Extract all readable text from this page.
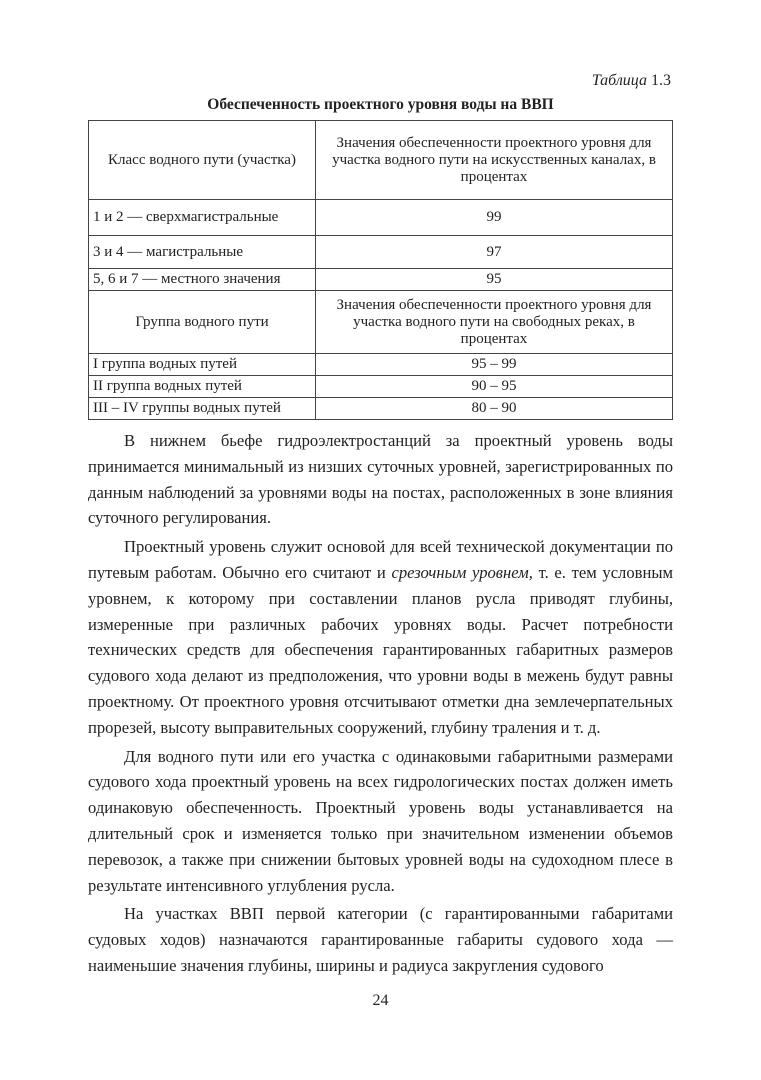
Таблица 1.3
Обеспеченность проектного уровня воды на ВВП
Класс водного пути (участка)	Значения обеспеченности проектного уровня для участка водного пути на искусственных каналах, в процентах
1 и 2 — сверхмагистральные	99
3 и 4 — магистральные	97
5, 6 и 7 — местного значения	95
Группа водного пути	Значения обеспеченности проектного уровня для участка водного пути на свободных реках, в процентах
I группа водных путей	95 – 99
II группа водных путей	90 – 95
III – IV группы водных путей	80 – 90

В нижнем бьефе гидроэлектростанций за проектный уровень воды принимается минимальный из низших суточных уровней, зарегистрированных по данным наблюдений за уровнями воды на постах, расположенных в зоне влияния суточного регулирования.

Проектный уровень служит основой для всей технической документации по путевым работам. Обычно его считают и срезочным уровнем, т. е. тем условным уровнем, к которому при составлении планов русла приводят глубины, измеренные при различных рабочих уровнях воды. Расчет потребности технических средств для обеспечения гарантированных габаритных размеров судового хода делают из предположения, что уровни воды в межень будут равны проектному. От проектного уровня отсчитывают отметки дна землечерпательных прорезей, высоту выправительных сооружений, глубину траления и т. д.

Для водного пути или его участка с одинаковыми габаритными размерами судового хода проектный уровень на всех гидрологических постах должен иметь одинаковую обеспеченность. Проектный уровень воды устанавливается на длительный срок и изменяется только при значительном изменении объемов перевозок, а также при снижении бытовых уровней воды на судоходном плесе в результате интенсивного углубления русла.

На участках ВВП первой категории (с гарантированными габаритами судовых ходов) назначаются гарантированные габариты судового хода — наименьшие значения глубины, ширины и радиуса закругления судового

24
